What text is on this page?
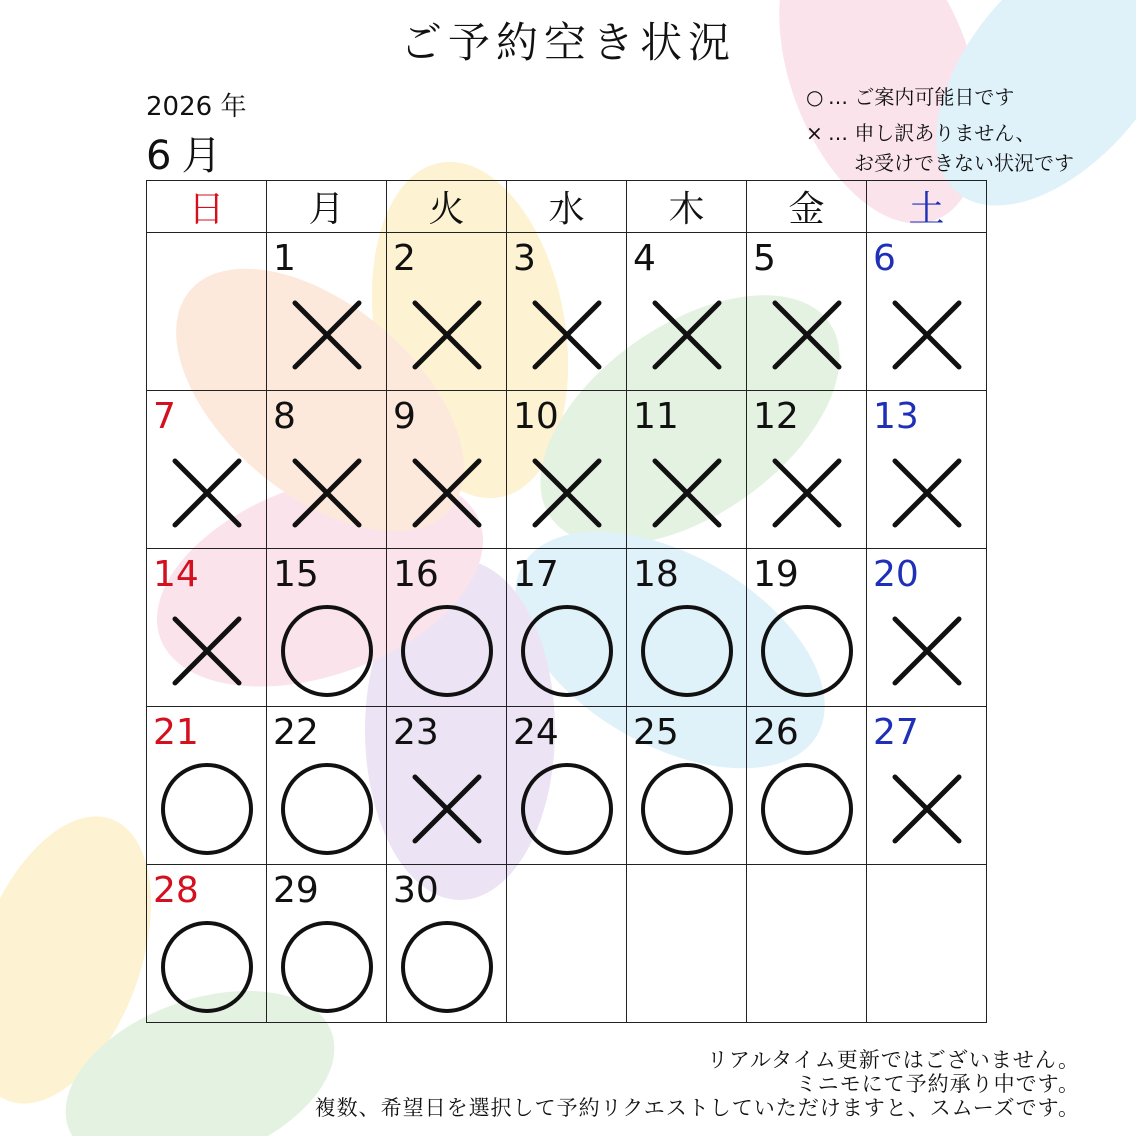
ご予約空き状況
2026 年
6月
○ … ご案内可能日です
× … 申し訳ありません、
お受けできない状況です
日	月	火	水	木	金	土

	1	2	3	4	5	6

7	8	9	10	11	12	13

14	15	16	17	18	19	20

21	22	23	24	25	26	27

28	29	30				

リアルタイム更新ではございません。
ミニモにて予約承り中です。
複数、希望日を選択して予約リクエストしていただけますと、スムーズです。
